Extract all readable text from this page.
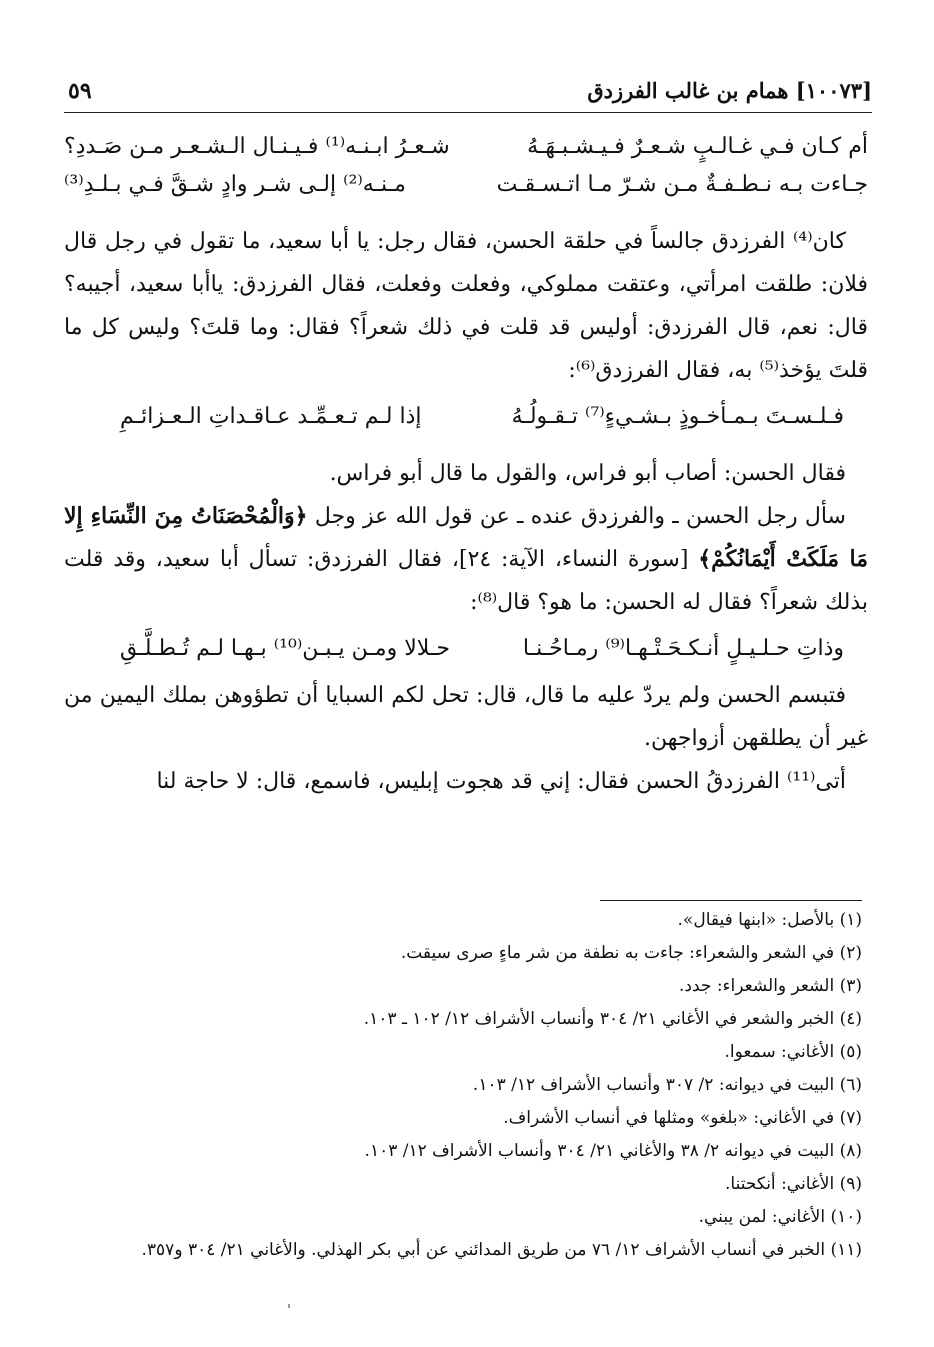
٥٩	[١٠٠٧٣] همام بن غالب الفرزدق
أم كـان فـي غـالـبٍ شـعـرٌ فـيـشـبـهَـهُ
شـعـرُ ابـنـه⁽¹⁾ فـيـنـال الـشـعـر مـن صَـددِ؟
جـاءت بـه نـطـفـةٌ مـن شـرّ مـا اتـسـقـت
مـنـه⁽²⁾ إلـى شـر وادٍ شـقَّ فـي بـلـدِ⁽³⁾

كان⁽⁴⁾ الفرزدق جالساً في حلقة الحسن، فقال رجل: يا أبا سعيد، ما تقول في رجل قال فلان: طلقت امرأتي، وعتقت مملوكي، وفعلت وفعلت، فقال الفرزدق: ياأبا سعيد، أجيبه؟ قال: نعم، قال الفرزدق: أوليس قد قلت في ذلك شعراً؟ فقال: وما قلتَ؟ وليس كل ما قلتَ يؤخذ⁽⁵⁾ به، فقال الفرزدق⁽⁶⁾:

فـلـسـتَ بـمـأخـوذٍ بـشـيءٍ⁽⁷⁾ تـقـولُـهُ
إذا لـم تـعـمِّـد عـاقـداتِ الـعـزائـمِ

فقال الحسن: أصاب أبو فراس، والقول ما قال أبو فراس.

سأل رجل الحسن ـ والفرزدق عنده ـ عن قول الله عز وجل ﴿وَالْمُحْصَنَاتُ مِنَ النِّسَاءِ إِلا مَا مَلَكَتْ أَيْمَانُكُمْ﴾ [سورة النساء، الآية: ٢٤]، فقال الفرزدق: تسأل أبا سعيد، وقد قلت بذلك شعراً؟ فقال له الحسن: ما هو؟ قال⁽⁸⁾:

وذاتِ حـلـيـلٍ أنـكـحَـتْـهـا⁽⁹⁾ رمـاحُـنـا
حـلالا ومـن يـبـن⁽¹⁰⁾ بـهـا لـم تُـطـلَّـقِ

فتبسم الحسن ولم يردّ عليه ما قال، قال: تحل لكم السبايا أن تطؤوهن بملك اليمين من غير أن يطلقهن أزواجهن.

أتى⁽¹¹⁾ الفرزدقُ الحسن فقال: إني قد هجوت إبليس، فاسمع، قال: لا حاجة لنا

(١) بالأصل: «ابنها فيقال».

(٢) في الشعر والشعراء: جاءت به نطفة من شر ماءٍ صرى سيقت.

(٣) الشعر والشعراء: جدد.

(٤) الخبر والشعر في الأغاني ٢١/ ٣٠٤ وأنساب الأشراف ١٢/ ١٠٢ ـ ١٠٣.

(٥) الأغاني: سمعوا.

(٦) البيت في ديوانه: ٢/ ٣٠٧ وأنساب الأشراف ١٢/ ١٠٣.

(٧) في الأغاني: «بلغو» ومثلها في أنساب الأشراف.

(٨) البيت في ديوانه ٢/ ٣٨ والأغاني ٢١/ ٣٠٤ وأنساب الأشراف ١٢/ ١٠٣.

(٩) الأغاني: أنكحتنا.

(١٠) الأغاني: لمن يبني.

(١١) الخبر في أنساب الأشراف ١٢/ ٧٦ من طريق المدائني عن أبي بكر الهذلي. والأغاني ٢١/ ٣٠٤ و٣٥٧.
